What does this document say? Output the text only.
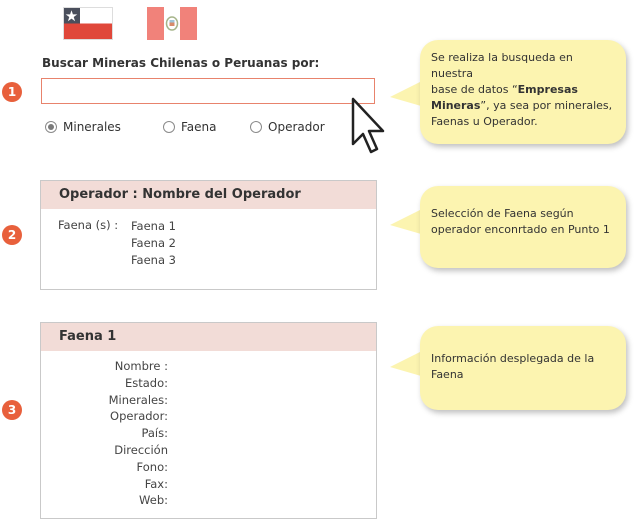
1
Buscar Mineras Chilenas o Peruanas por:
Minerales	Faena	Operador
Se realiza la busqueda en nuestra
base de datos “Empresas
Mineras”, ya sea por minerales,
Faenas u Operador.
2
Operador : Nombre del Operador
Faena (s) : Faena 1
Faena 2
Faena 3
Selección de Faena según
operador enconrtado en Punto 1
3
Faena 1
Nombre :
Estado:
Minerales:
Operador:
País:
Dirección
Fono:
Fax:
Web:
Información desplegada de la
Faena
